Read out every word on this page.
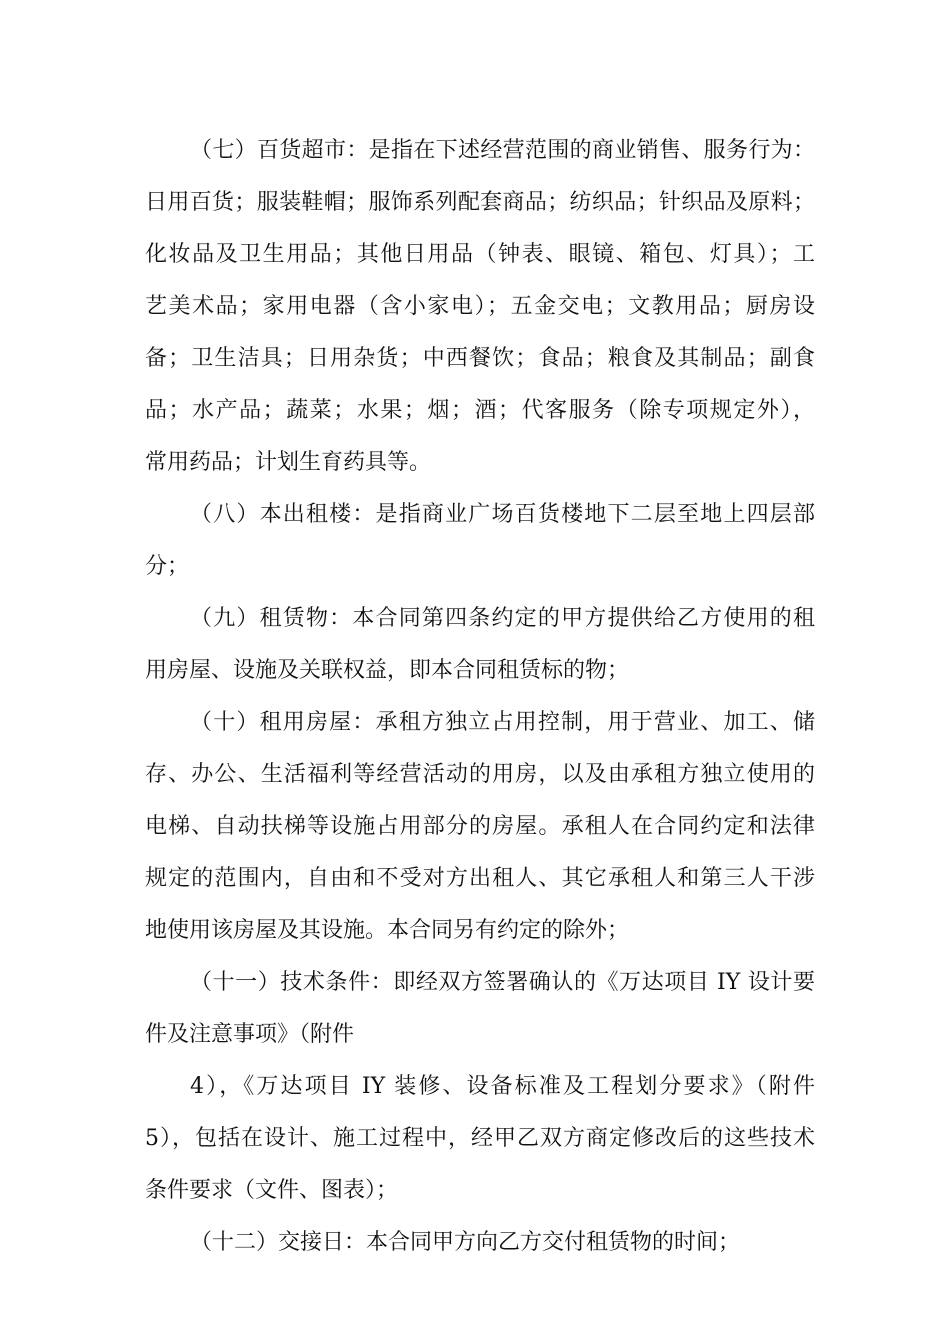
（七）百货超市：是指在下述经营范围的商业销售、服务行为：
日用百货；服装鞋帽；服饰系列配套商品；纺织品；针织品及原料；
化妆品及卫生用品；其他日用品（钟表、眼镜、箱包、灯具）；工
艺美术品；家用电器（含小家电）；五金交电；文教用品；厨房设
备；卫生洁具；日用杂货；中西餐饮；食品；粮食及其制品；副食
品；水产品；蔬菜；水果；烟；酒；代客服务（除专项规定外），
常用药品；计划生育药具等。
（八）本出租楼：是指商业广场百货楼地下二层至地上四层部
分；
（九）租赁物：本合同第四条约定的甲方提供给乙方使用的租
用房屋、设施及关联权益，即本合同租赁标的物；
（十）租用房屋：承租方独立占用控制，用于营业、加工、储
存、办公、生活福利等经营活动的用房，以及由承租方独立使用的
电梯、自动扶梯等设施占用部分的房屋。承租人在合同约定和法律
规定的范围内，自由和不受对方出租人、其它承租人和第三人干涉
地使用该房屋及其设施。本合同另有约定的除外；
（十一）技术条件：即经双方签署确认的《万达项目 IY 设计要
件及注意事项》（附件
4），《万达项目 IY 装修、设备标准及工程划分要求》（附件
5），包括在设计、施工过程中，经甲乙双方商定修改后的这些技术
条件要求（文件、图表）；
（十二）交接日：本合同甲方向乙方交付租赁物的时间；
